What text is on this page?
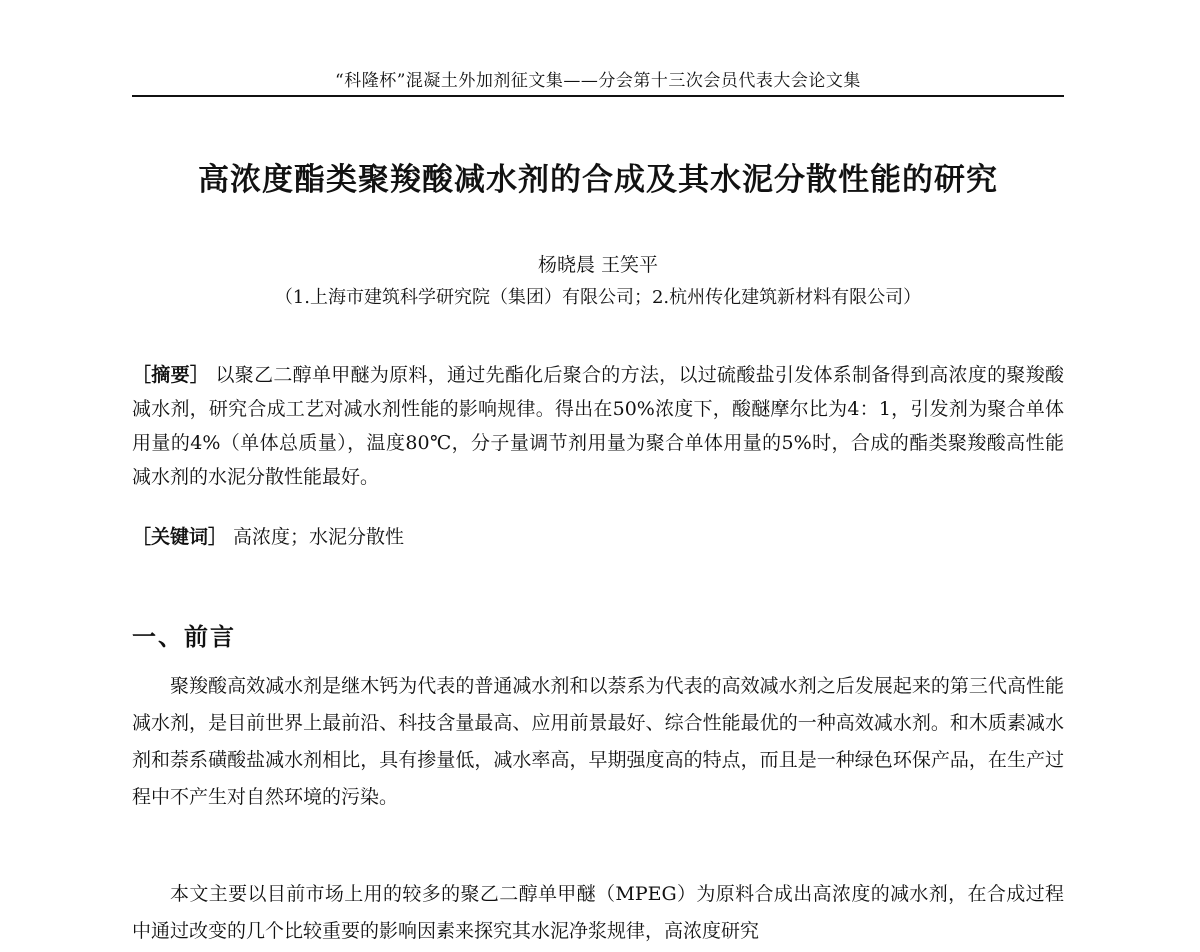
“科隆杯”混凝土外加剂征文集——分会第十三次会员代表大会论文集
高浓度酯类聚羧酸减水剂的合成及其水泥分散性能的研究
杨晓晨 王笑平
（1.上海市建筑科学研究院（集团）有限公司；2.杭州传化建筑新材料有限公司）

［摘要］ 以聚乙二醇单甲醚为原料，通过先酯化后聚合的方法，以过硫酸盐引发体系制备得到高浓度的聚羧酸减水剂，研究合成工艺对减水剂性能的影响规律。得出在50%浓度下，酸醚摩尔比为4：1，引发剂为聚合单体用量的4%（单体总质量），温度80℃，分子量调节剂用量为聚合单体用量的5%时，合成的酯类聚羧酸高性能减水剂的水泥分散性能最好。

［关键词］ 高浓度；水泥分散性

一、前言

聚羧酸高效减水剂是继木钙为代表的普通减水剂和以萘系为代表的高效减水剂之后发展起来的第三代高性能减水剂，是目前世界上最前沿、科技含量最高、应用前景最好、综合性能最优的一种高效减水剂。和木质素减水剂和萘系磺酸盐减水剂相比，具有掺量低，减水率高，早期强度高的特点，而且是一种绿色环保产品，在生产过程中不产生对自然环境的污染。

本文主要以目前市场上用的较多的聚乙二醇单甲醚（MPEG）为原料合成出高浓度的减水剂，在合成过程中通过改变的几个比较重要的影响因素来探究其水泥净浆规律，高浓度研究
